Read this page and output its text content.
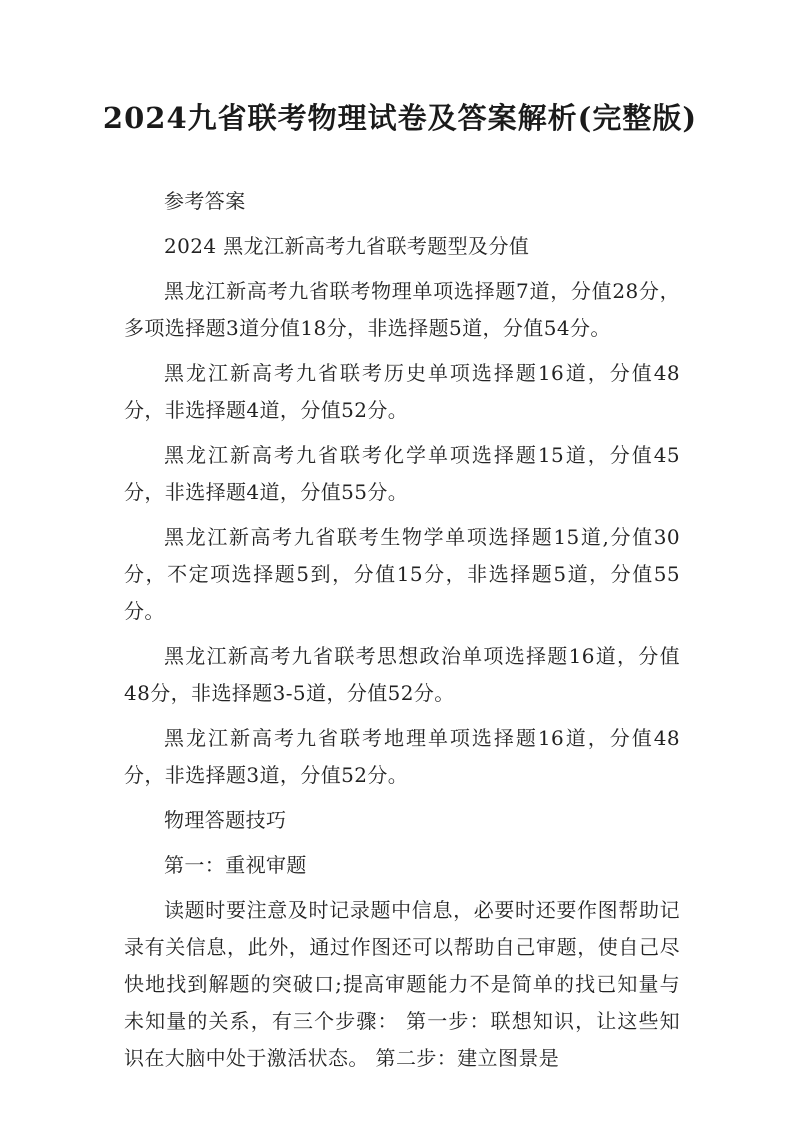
2024九省联考物理试卷及答案解析(完整版)

参考答案

2024 黑龙江新高考九省联考题型及分值

黑龙江新高考九省联考物理单项选择题7道，分值28分，多项选择题3道分值18分，非选择题5道，分值54分。

黑龙江新高考九省联考历史单项选择题16道，分值48分，非选择题4道，分值52分。

黑龙江新高考九省联考化学单项选择题15道，分值45分，非选择题4道，分值55分。

黑龙江新高考九省联考生物学单项选择题15道,分值30分，不定项选择题5到，分值15分，非选择题5道，分值55分。

黑龙江新高考九省联考思想政治单项选择题16道，分值48分，非选择题3-5道，分值52分。

黑龙江新高考九省联考地理单项选择题16道，分值48分，非选择题3道，分值52分。

物理答题技巧

第一：重视审题

读题时要注意及时记录题中信息，必要时还要作图帮助记录有关信息，此外，通过作图还可以帮助自己审题，使自己尽快地找到解题的突破口;提高审题能力不是简单的找已知量与未知量的关系，有三个步骤： 第一步：联想知识，让这些知识在大脑中处于激活状态。 第二步：建立图景是
